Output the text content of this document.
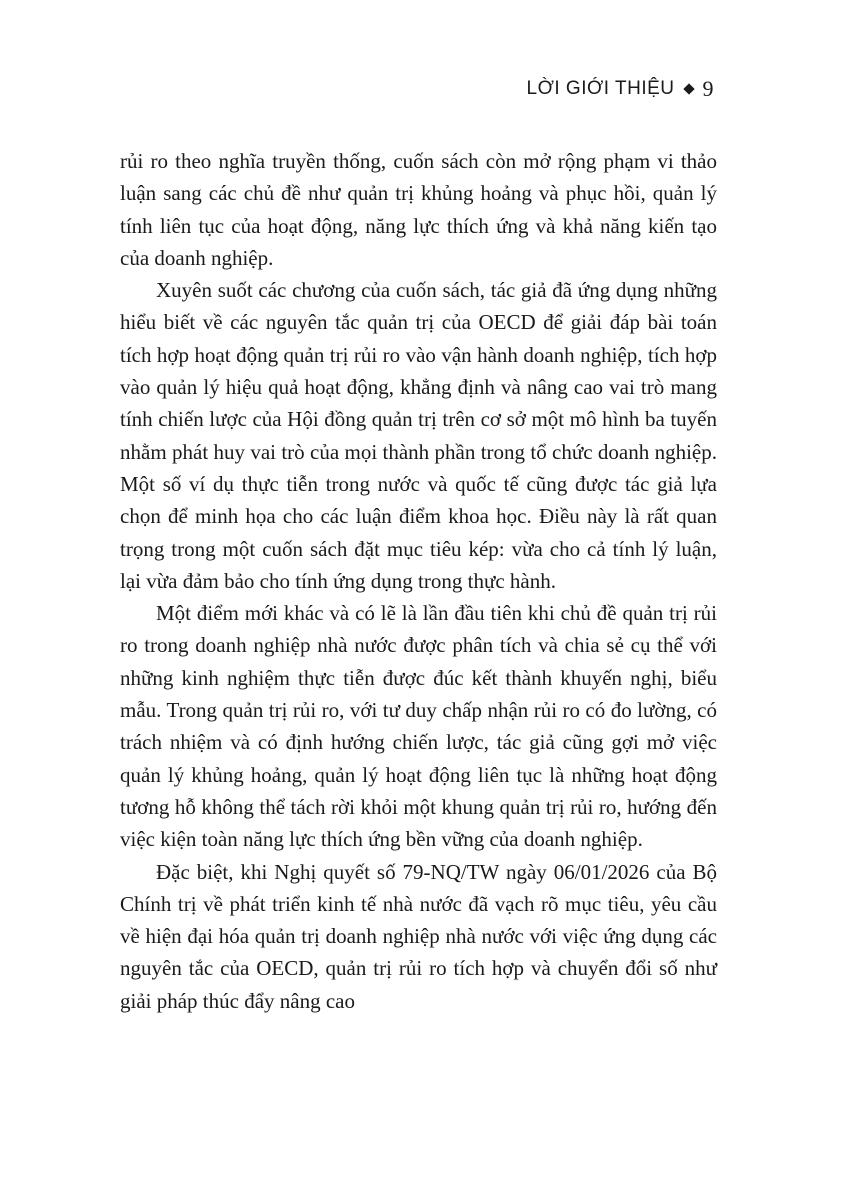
LỜI GIỚI THIỆU 9

rủi ro theo nghĩa truyền thống, cuốn sách còn mở rộng phạm vi thảo luận sang các chủ đề như quản trị khủng hoảng và phục hồi, quản lý tính liên tục của hoạt động, năng lực thích ứng và khả năng kiến tạo của doanh nghiệp.

Xuyên suốt các chương của cuốn sách, tác giả đã ứng dụng những hiểu biết về các nguyên tắc quản trị của OECD để giải đáp bài toán tích hợp hoạt động quản trị rủi ro vào vận hành doanh nghiệp, tích hợp vào quản lý hiệu quả hoạt động, khẳng định và nâng cao vai trò mang tính chiến lược của Hội đồng quản trị trên cơ sở một mô hình ba tuyến nhằm phát huy vai trò của mọi thành phần trong tổ chức doanh nghiệp. Một số ví dụ thực tiễn trong nước và quốc tế cũng được tác giả lựa chọn để minh họa cho các luận điểm khoa học. Điều này là rất quan trọng trong một cuốn sách đặt mục tiêu kép: vừa cho cả tính lý luận, lại vừa đảm bảo cho tính ứng dụng trong thực hành.

Một điểm mới khác và có lẽ là lần đầu tiên khi chủ đề quản trị rủi ro trong doanh nghiệp nhà nước được phân tích và chia sẻ cụ thể với những kinh nghiệm thực tiễn được đúc kết thành khuyến nghị, biểu mẫu. Trong quản trị rủi ro, với tư duy chấp nhận rủi ro có đo lường, có trách nhiệm và có định hướng chiến lược, tác giả cũng gợi mở việc quản lý khủng hoảng, quản lý hoạt động liên tục là những hoạt động tương hỗ không thể tách rời khỏi một khung quản trị rủi ro, hướng đến việc kiện toàn năng lực thích ứng bền vững của doanh nghiệp.

Đặc biệt, khi Nghị quyết số 79-NQ/TW ngày 06/01/2026 của Bộ Chính trị về phát triển kinh tế nhà nước đã vạch rõ mục tiêu, yêu cầu về hiện đại hóa quản trị doanh nghiệp nhà nước với việc ứng dụng các nguyên tắc của OECD, quản trị rủi ro tích hợp và chuyển đổi số như giải pháp thúc đẩy nâng cao
